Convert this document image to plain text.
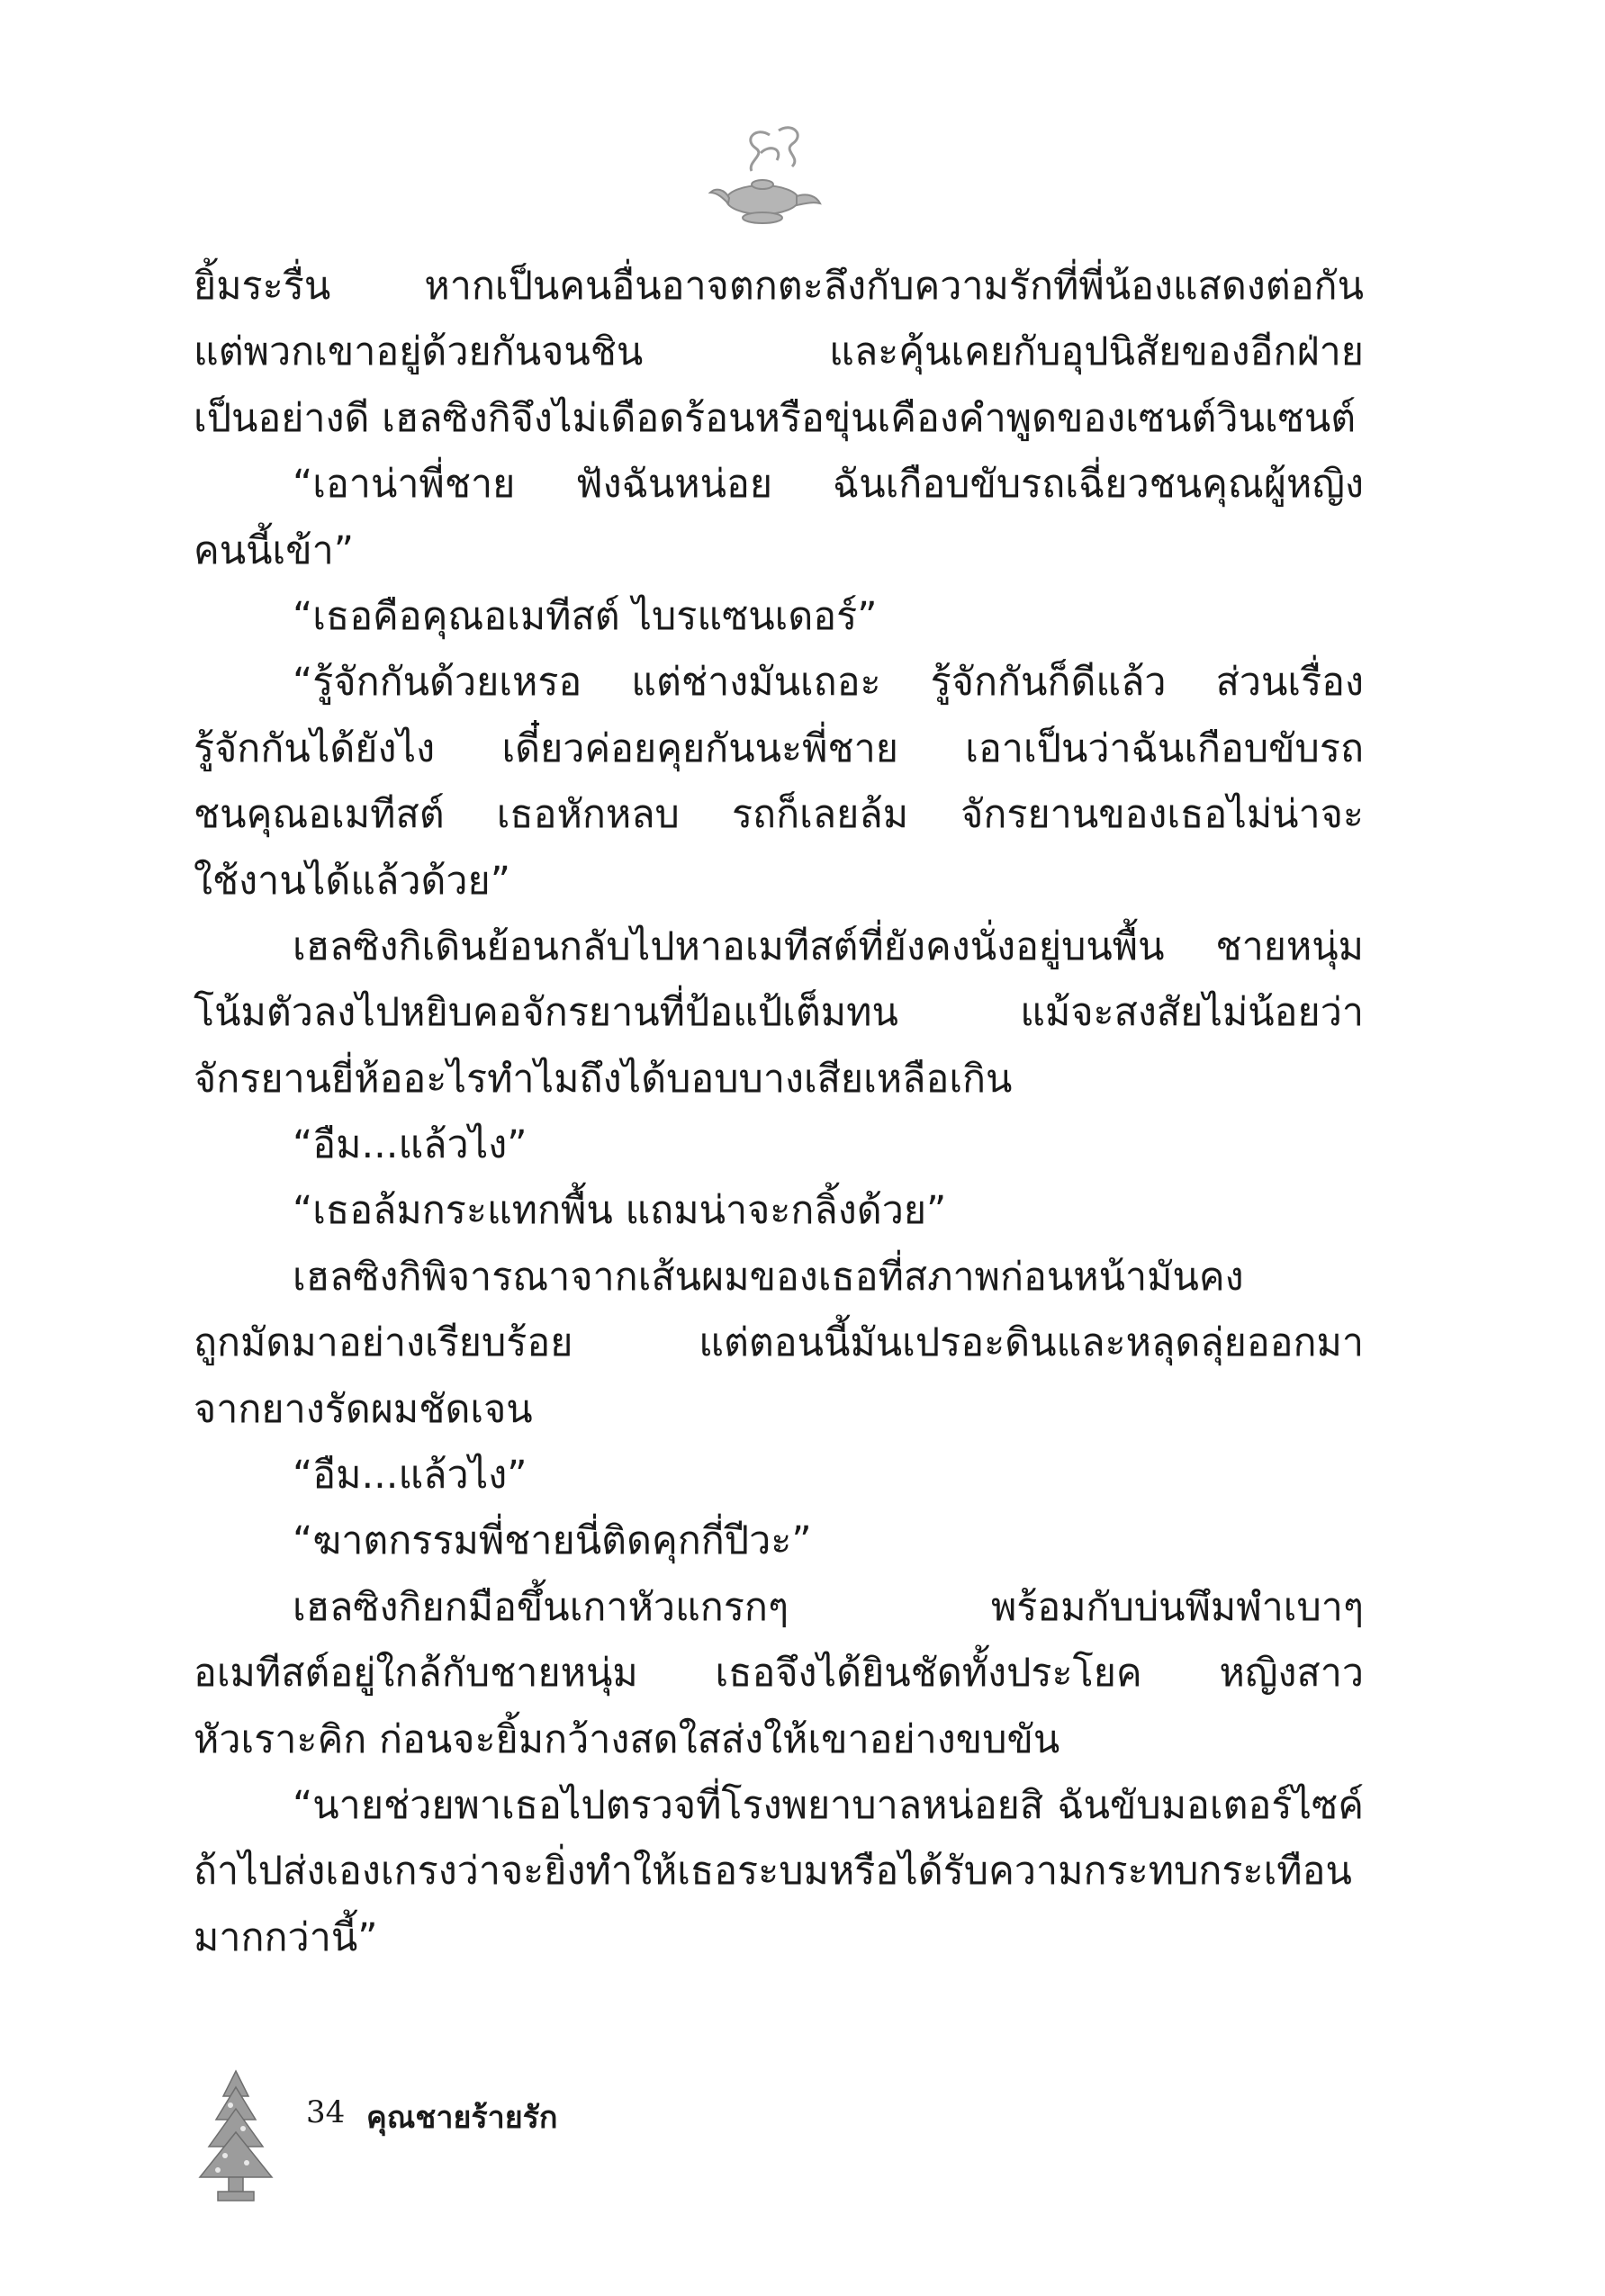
ยิ้มระรื่น หากเป็นคนอื่นอาจตกตะลึงกับความรักที่พี่น้องแสดงต่อกัน
แต่พวกเขาอยู่ด้วยกันจนชิน และคุ้นเคยกับอุปนิสัยของอีกฝ่าย
เป็นอย่างดี เฮลซิงกิจึงไม่เดือดร้อนหรือขุ่นเคืองคำพูดของเซนต์วินเซนต์
“เอาน่าพี่ชาย ฟังฉันหน่อย ฉันเกือบขับรถเฉี่ยวชนคุณผู้หญิง
คนนี้เข้า”
“เธอคือคุณอเมทีสต์ ไบรแซนเดอร์”
“รู้จักกันด้วยเหรอ แต่ช่างมันเถอะ รู้จักกันก็ดีแล้ว ส่วนเรื่อง
รู้จักกันได้ยังไง เดี๋ยวค่อยคุยกันนะพี่ชาย เอาเป็นว่าฉันเกือบขับรถ
ชนคุณอเมทีสต์ เธอหักหลบ รถก็เลยล้ม จักรยานของเธอไม่น่าจะ
ใช้งานได้แล้วด้วย”
เฮลซิงกิเดินย้อนกลับไปหาอเมทีสต์ที่ยังคงนั่งอยู่บนพื้น ชายหนุ่ม
โน้มตัวลงไปหยิบคอจักรยานที่ป้อแป้เต็มทน แม้จะสงสัยไม่น้อยว่า
จักรยานยี่ห้ออะไรทำไมถึงได้บอบบางเสียเหลือเกิน
“อืม...แล้วไง”
“เธอล้มกระแทกพื้น แถมน่าจะกลิ้งด้วย”
เฮลซิงกิพิจารณาจากเส้นผมของเธอที่สภาพก่อนหน้ามันคง
ถูกมัดมาอย่างเรียบร้อย แต่ตอนนี้มันเปรอะดินและหลุดลุ่ยออกมา
จากยางรัดผมชัดเจน
“อืม...แล้วไง”
“ฆาตกรรมพี่ชายนี่ติดคุกกี่ปีวะ”
เฮลซิงกิยกมือขึ้นเกาหัวแกรกๆ พร้อมกับบ่นพึมพำเบาๆ
อเมทีสต์อยู่ใกล้กับชายหนุ่ม เธอจึงได้ยินชัดทั้งประโยค หญิงสาว
หัวเราะคิก ก่อนจะยิ้มกว้างสดใสส่งให้เขาอย่างขบขัน
“นายช่วยพาเธอไปตรวจที่โรงพยาบาลหน่อยสิ ฉันขับมอเตอร์ไซค์
ถ้าไปส่งเองเกรงว่าจะยิ่งทำให้เธอระบมหรือได้รับความกระทบกระเทือน
มากกว่านี้”
34 คุณชายร้ายรัก
